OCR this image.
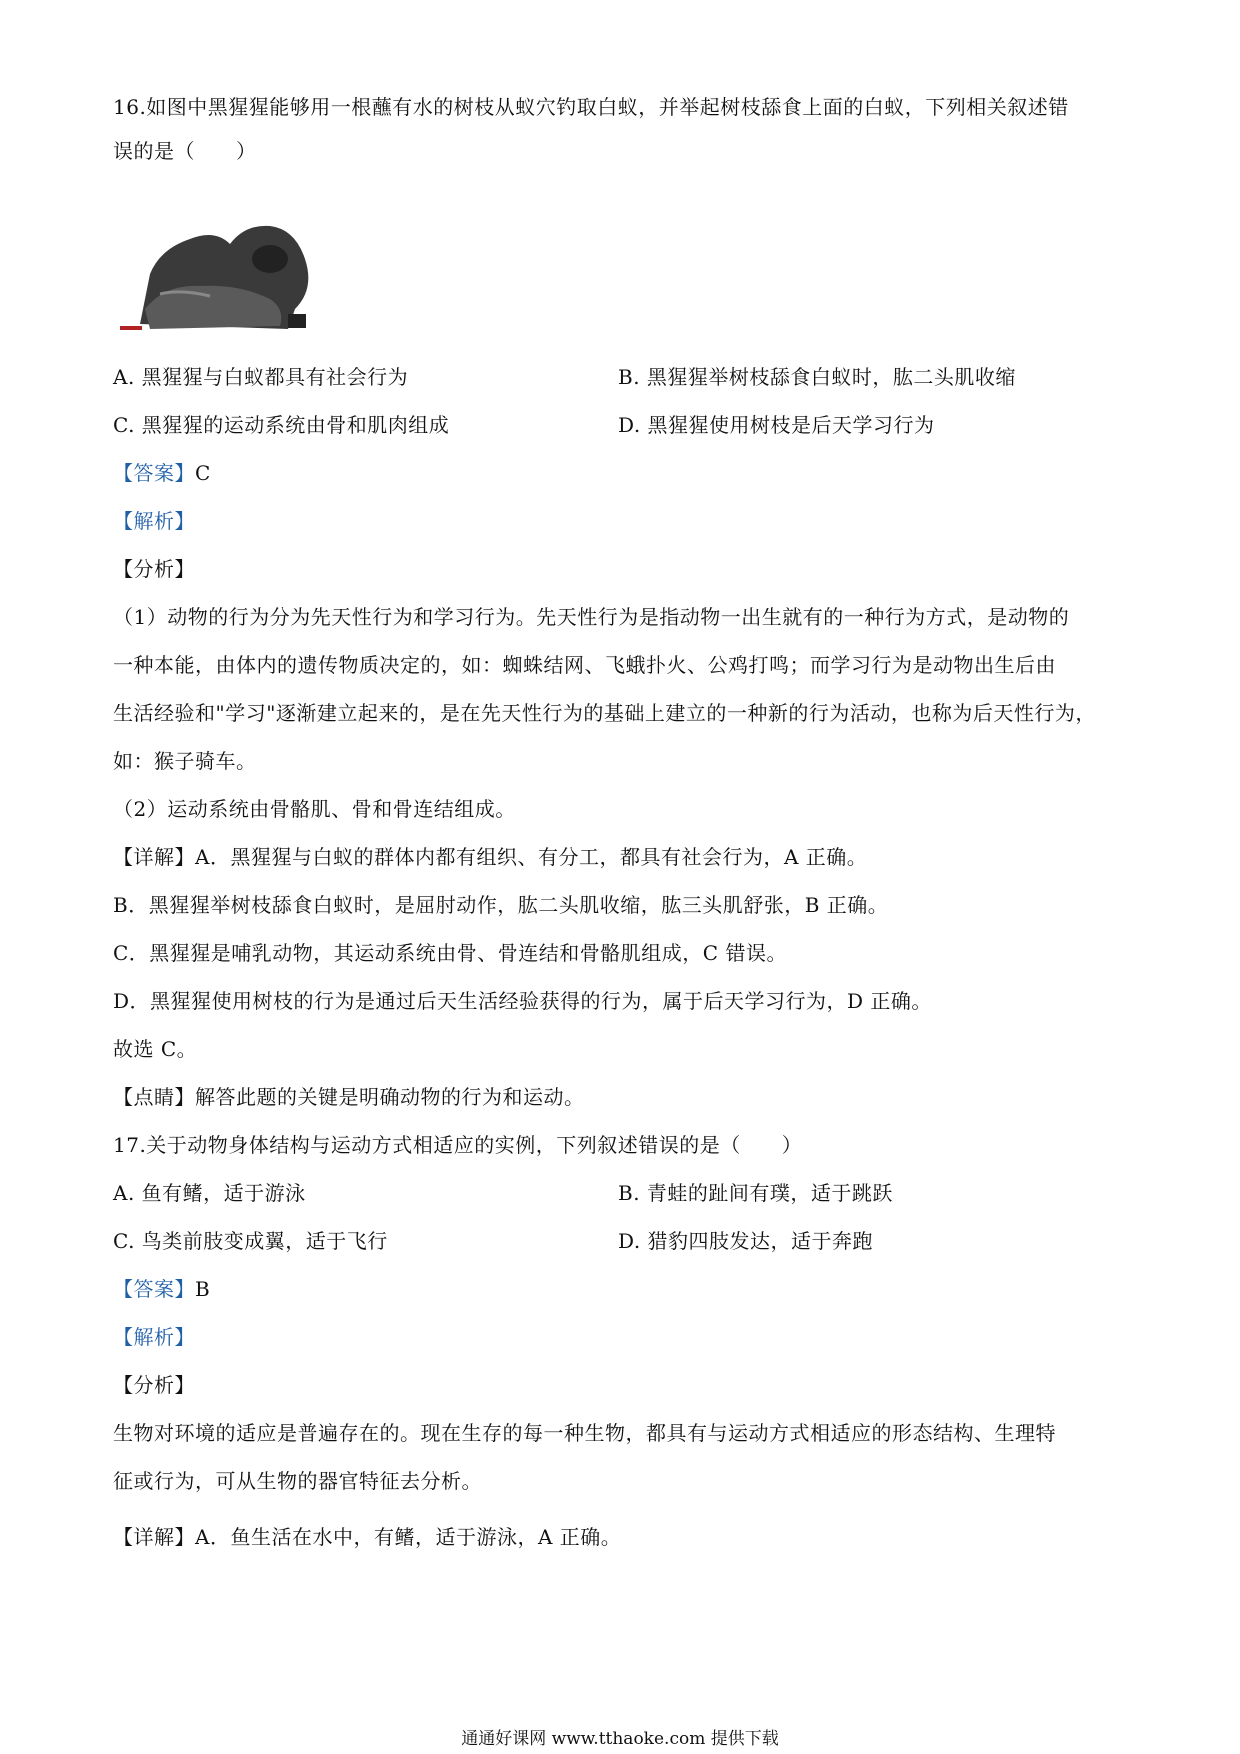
16.如图中黑猩猩能够用一根蘸有水的树枝从蚁穴钓取白蚁，并举起树枝舔食上面的白蚁，下列相关叙述错
误的是（　　）
A. 黑猩猩与白蚁都具有社会行为	B. 黑猩猩举树枝舔食白蚁时，肱二头肌收缩
C. 黑猩猩的运动系统由骨和肌肉组成	D. 黑猩猩使用树枝是后天学习行为
【答案】C
【解析】
【分析】
（1）动物的行为分为先天性行为和学习行为。先天性行为是指动物一出生就有的一种行为方式，是动物的
一种本能，由体内的遗传物质决定的，如：蜘蛛结网、飞蛾扑火、公鸡打鸣；而学习行为是动物出生后由
生活经验和"学习"逐渐建立起来的，是在先天性行为的基础上建立的一种新的行为活动，也称为后天性行为，
如：猴子骑车。
（2）运动系统由骨骼肌、骨和骨连结组成。
【详解】A．黑猩猩与白蚁的群体内都有组织、有分工，都具有社会行为，A 正确。
B．黑猩猩举树枝舔食白蚁时，是屈肘动作，肱二头肌收缩，肱三头肌舒张，B 正确。
C．黑猩猩是哺乳动物，其运动系统由骨、骨连结和骨骼肌组成，C 错误。
D．黑猩猩使用树枝的行为是通过后天生活经验获得的行为，属于后天学习行为，D 正确。
故选 C。
【点睛】解答此题的关键是明确动物的行为和运动。
17.关于动物身体结构与运动方式相适应的实例，下列叙述错误的是（　　）
A. 鱼有鳍，适于游泳	B. 青蛙的趾间有璞，适于跳跃
C. 鸟类前肢变成翼，适于飞行	D. 猎豹四肢发达，适于奔跑
【答案】B
【解析】
【分析】
生物对环境的适应是普遍存在的。现在生存的每一种生物，都具有与运动方式相适应的形态结构、生理特
征或行为，可从生物的器官特征去分析。
【详解】A．鱼生活在水中，有鳍，适于游泳，A 正确。
通通好课网 www.tthaoke.com 提供下载
